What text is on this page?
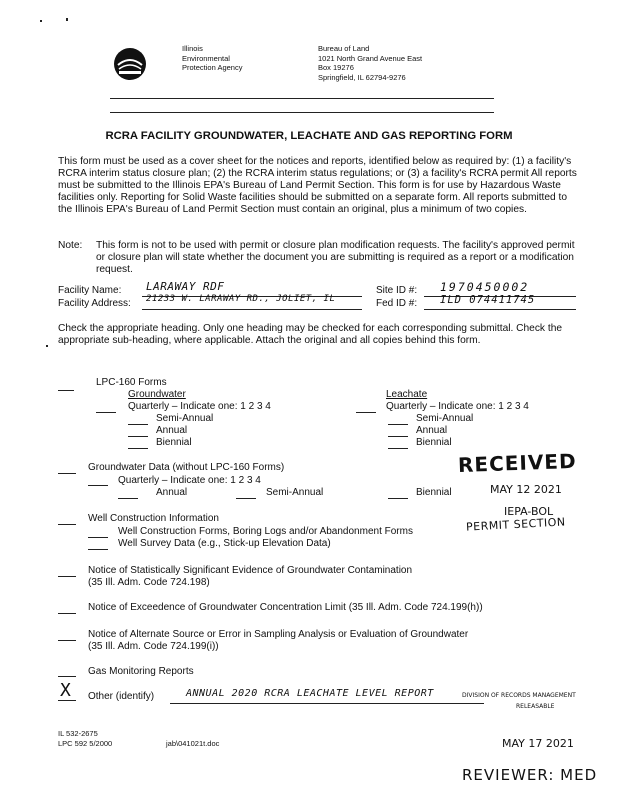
Illinois
Environmental
Protection Agency
Bureau of Land
1021 North Grand Avenue East
Box 19276
Springfield, IL 62794-9276
RCRA FACILITY GROUNDWATER, LEACHATE AND GAS REPORTING FORM
This form must be used as a cover sheet for the notices and reports, identified below as required by: (1) a facility's RCRA interim status closure plan; (2) the RCRA interim status regulations; or (3) a facility's RCRA permit All reports must be submitted to the Illinois EPA's Bureau of Land Permit Section. This form is for use by Hazardous Waste facilities only. Reporting for Solid Waste facilities should be submitted on a separate form. All reports submitted to the Illinois EPA's Bureau of Land Permit Section must contain an original, plus a minimum of two copies.
Note: This form is not to be used with permit or closure plan modification requests. The facility's approved permit or closure plan will state whether the document you are submitting is required as a report or a modification request.
Facility Name: LARAWAY RDF
Facility Address: 21233 W. LARAWAY RD., JOLIET, IL
Site ID #: 1970450002
Fed ID #: ILD 074411745
Check the appropriate heading. Only one heading may be checked for each corresponding submittal. Check the appropriate sub-heading, where applicable. Attach the original and all copies behind this form.
LPC-160 Forms
Groundwater	Leachate
Quarterly – Indicate one: 1 2 3 4	Quarterly – Indicate one: 1 2 3 4
Semi-Annual	Semi-Annual
Annual	Annual
Biennial	Biennial
Groundwater Data (without LPC-160 Forms)
Quarterly – Indicate one: 1 2 3 4
Annual	Semi-Annual	Biennial
Well Construction Information
Well Construction Forms, Boring Logs and/or Abandonment Forms
Well Survey Data (e.g., Stick-up Elevation Data)
Notice of Statistically Significant Evidence of Groundwater Contamination
(35 Ill. Adm. Code 724.198)
Notice of Exceedence of Groundwater Concentration Limit (35 Ill. Adm. Code 724.199(h))
Notice of Alternate Source or Error in Sampling Analysis or Evaluation of Groundwater
(35 Ill. Adm. Code 724.199(i))
Gas Monitoring Reports
X Other (identify)	ANNUAL 2020 RCRA LEACHATE LEVEL REPORT
RECEIVED
MAY 12 2021
IEPA-BOL
PERMIT SECTION
DIVISION OF RECORDS MANAGEMENT
RELEASABLE
IL 532-2675
LPC 592 5/2000	jab\041021t.doc	MAY 17 2021
REVIEWER: MED
